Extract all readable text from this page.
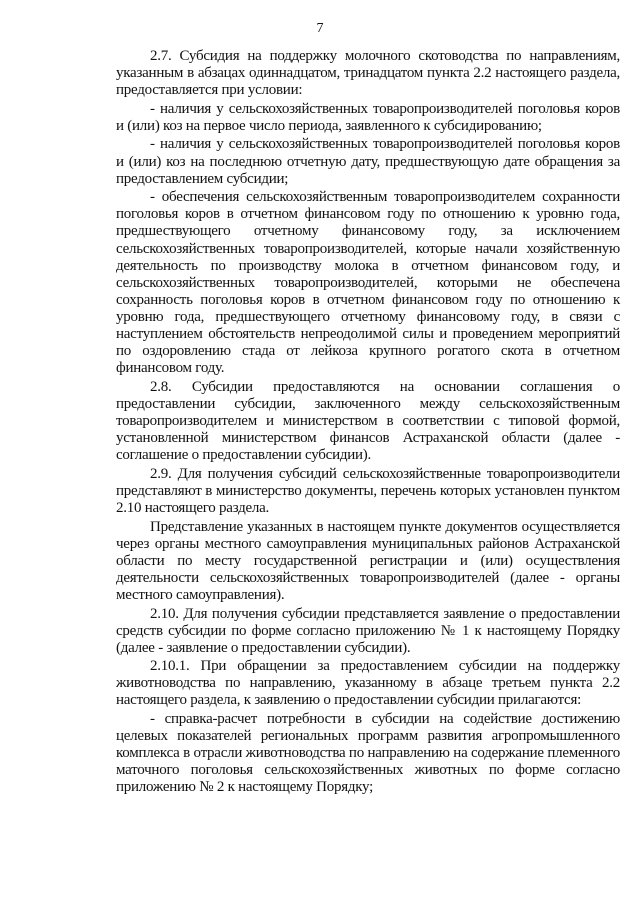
7

2.7. Субсидия на поддержку молочного скотоводства по направлениям, указанным в абзацах одиннадцатом, тринадцатом пункта 2.2 настоящего раздела, предоставляется при условии:

- наличия у сельскохозяйственных товаропроизводителей поголовья коров и (или) коз на первое число периода, заявленного к субсидированию;

- наличия у сельскохозяйственных товаропроизводителей поголовья коров и (или) коз на последнюю отчетную дату, предшествующую дате обращения за предоставлением субсидии;

- обеспечения сельскохозяйственным товаропроизводителем сохранности поголовья коров в отчетном финансовом году по отношению к уровню года, предшествующего отчетному финансовому году, за исключением сельскохозяйственных товаропроизводителей, которые начали хозяйственную деятельность по производству молока в отчетном финансовом году, и сельскохозяйственных товаропроизводителей, которыми не обеспечена сохранность поголовья коров в отчетном финансовом году по отношению к уровню года, предшествующего отчетному финансовому году, в связи с наступлением обстоятельств непреодолимой силы и проведением мероприятий по оздоровлению стада от лейкоза крупного рогатого скота в отчетном финансовом году.

2.8. Субсидии предоставляются на основании соглашения о предоставлении субсидии, заключенного между сельскохозяйственным товаропроизводителем и министерством в соответствии с типовой формой, установленной министерством финансов Астраханской области (далее - соглашение о предоставлении субсидии).

2.9. Для получения субсидий сельскохозяйственные товаропроизводители представляют в министерство документы, перечень которых установлен пунктом 2.10 настоящего раздела.

Представление указанных в настоящем пункте документов осуществляется через органы местного самоуправления муниципальных районов Астраханской области по месту государственной регистрации и (или) осуществления деятельности сельскохозяйственных товаропроизводителей (далее - органы местного самоуправления).

2.10. Для получения субсидии представляется заявление о предоставлении средств субсидии по форме согласно приложению № 1 к настоящему Порядку (далее - заявление о предоставлении субсидии).

2.10.1. При обращении за предоставлением субсидии на поддержку животноводства по направлению, указанному в абзаце третьем пункта 2.2 настоящего раздела, к заявлению о предоставлении субсидии прилагаются:

- справка-расчет потребности в субсидии на содействие достижению целевых показателей региональных программ развития агропромышленного комплекса в отрасли животноводства по направлению на содержание племенного маточного поголовья сельскохозяйственных животных по форме согласно приложению № 2 к настоящему Порядку;
